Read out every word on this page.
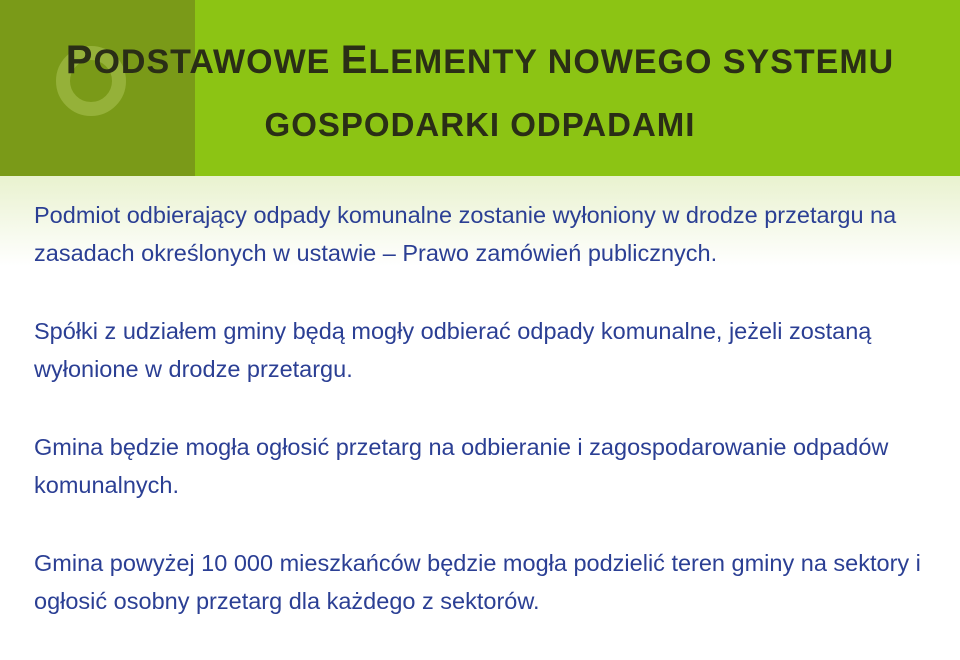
PODSTAWOWE ELEMENTY NOWEGO SYSTEMU
GOSPODARKI ODPADAMI

Podmiot odbierający odpady komunalne zostanie wyłoniony w drodze przetargu na zasadach określonych w ustawie – Prawo zamówień publicznych.

Spółki z udziałem gminy będą mogły odbierać odpady komunalne, jeżeli zostaną wyłonione w drodze przetargu.

Gmina będzie mogła ogłosić przetarg na odbieranie i zagospodarowanie odpadów komunalnych.

Gmina powyżej 10 000 mieszkańców będzie mogła podzielić teren gminy na sektory i ogłosić osobny przetarg dla każdego z sektorów.
